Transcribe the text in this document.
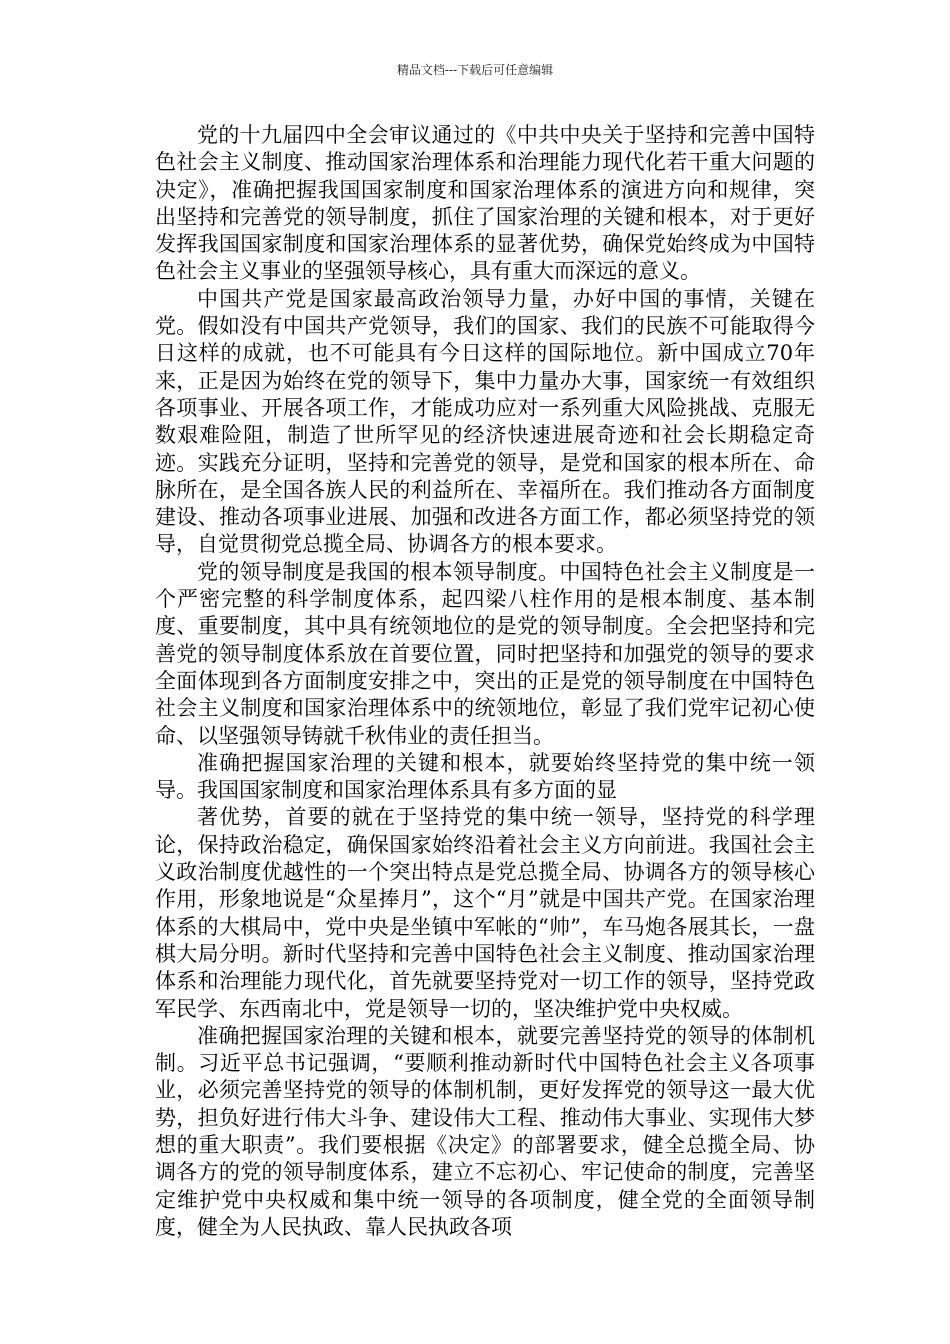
精品文档---下载后可任意编辑

党的十九届四中全会审议通过的《中共中央关于坚持和完善中国特色社会主义制度、推动国家治理体系和治理能力现代化若干重大问题的决定》，准确把握我国国家制度和国家治理体系的演进方向和规律，突出坚持和完善党的领导制度，抓住了国家治理的关键和根本，对于更好发挥我国国家制度和国家治理体系的显著优势，确保党始终成为中国特色社会主义事业的坚强领导核心，具有重大而深远的意义。

中国共产党是国家最高政治领导力量，办好中国的事情，关键在党。假如没有中国共产党领导，我们的国家、我们的民族不可能取得今日这样的成就，也不可能具有今日这样的国际地位。新中国成立70年来，正是因为始终在党的领导下，集中力量办大事，国家统一有效组织各项事业、开展各项工作，才能成功应对一系列重大风险挑战、克服无数艰难险阻，制造了世所罕见的经济快速进展奇迹和社会长期稳定奇迹。实践充分证明，坚持和完善党的领导，是党和国家的根本所在、命脉所在，是全国各族人民的利益所在、幸福所在。我们推动各方面制度建设、推动各项事业进展、加强和改进各方面工作，都必须坚持党的领导，自觉贯彻党总揽全局、协调各方的根本要求。

党的领导制度是我国的根本领导制度。中国特色社会主义制度是一个严密完整的科学制度体系，起四梁八柱作用的是根本制度、基本制度、重要制度，其中具有统领地位的是党的领导制度。全会把坚持和完善党的领导制度体系放在首要位置，同时把坚持和加强党的领导的要求全面体现到各方面制度安排之中，突出的正是党的领导制度在中国特色社会主义制度和国家治理体系中的统领地位，彰显了我们党牢记初心使命、以坚强领导铸就千秋伟业的责任担当。

准确把握国家治理的关键和根本，就要始终坚持党的集中统一领导。我国国家制度和国家治理体系具有多方面的显

著优势，首要的就在于坚持党的集中统一领导，坚持党的科学理论，保持政治稳定，确保国家始终沿着社会主义方向前进。我国社会主义政治制度优越性的一个突出特点是党总揽全局、协调各方的领导核心作用，形象地说是“众星捧月”，这个“月”就是中国共产党。在国家治理体系的大棋局中，党中央是坐镇中军帐的“帅”，车马炮各展其长，一盘棋大局分明。新时代坚持和完善中国特色社会主义制度、推动国家治理体系和治理能力现代化，首先就要坚持党对一切工作的领导，坚持党政军民学、东西南北中，党是领导一切的，坚决维护党中央权威。

准确把握国家治理的关键和根本，就要完善坚持党的领导的体制机制。习近平总书记强调，“要顺利推动新时代中国特色社会主义各项事业，必须完善坚持党的领导的体制机制，更好发挥党的领导这一最大优势，担负好进行伟大斗争、建设伟大工程、推动伟大事业、实现伟大梦想的重大职责”。我们要根据《决定》的部署要求，健全总揽全局、协调各方的党的领导制度体系，建立不忘初心、牢记使命的制度，完善坚定维护党中央权威和集中统一领导的各项制度，健全党的全面领导制度，健全为人民执政、靠人民执政各项
